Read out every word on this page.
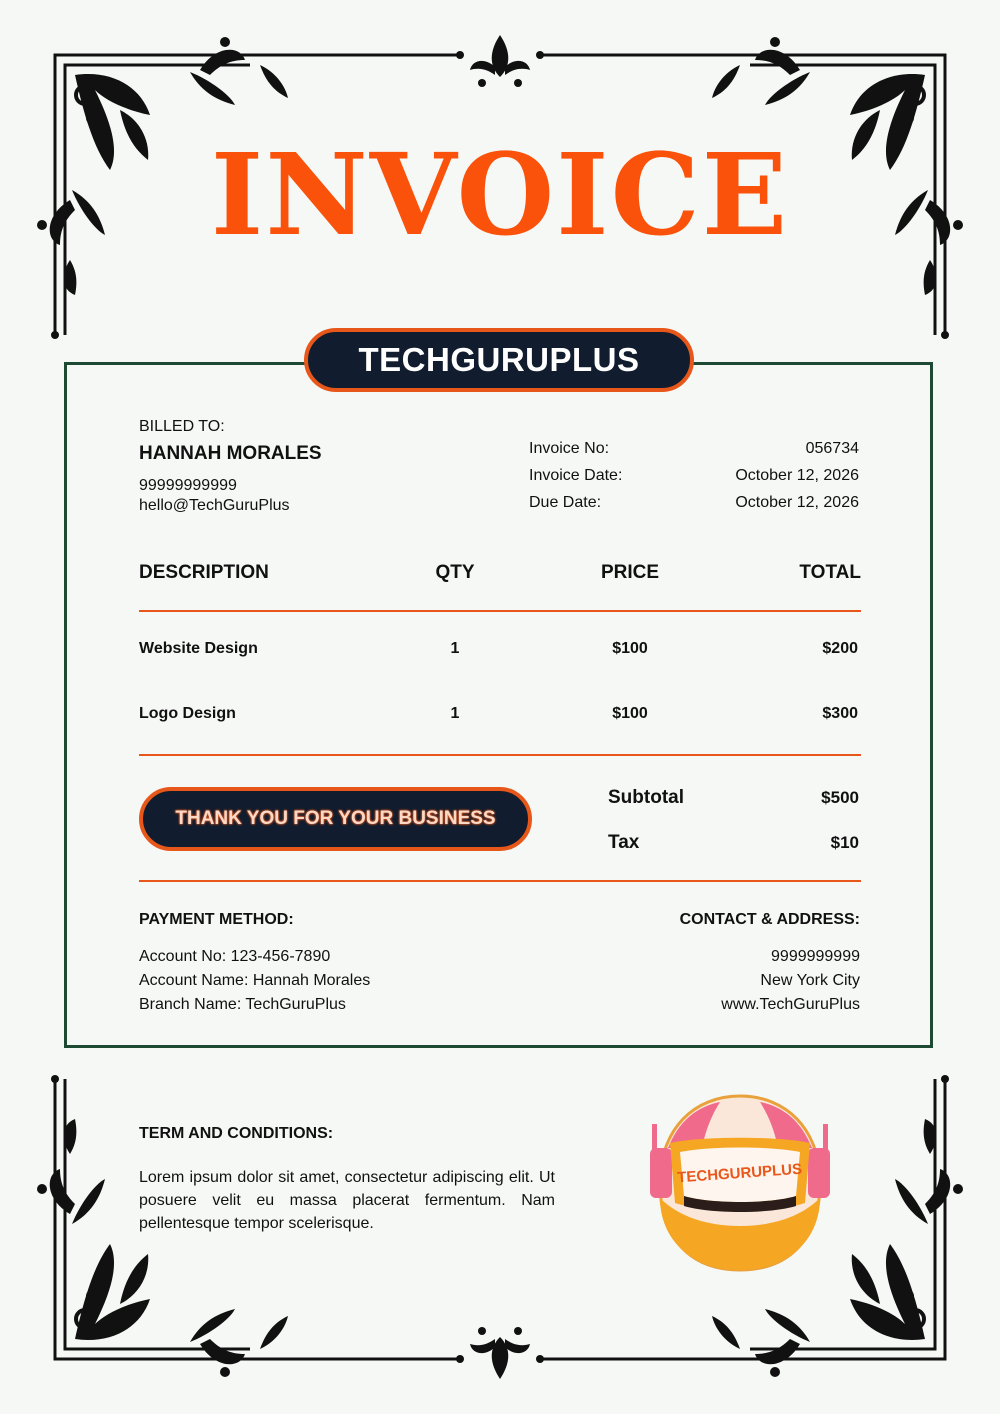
INVOICE
TECHGURUPLUS
BILLED TO:
HANNAH MORALES
99999999999
hello@TechGuruPlus
Invoice No:	056734
Invoice Date:	October 12, 2026
Due Date:	October 12, 2026
DESCRIPTION	QTY	PRICE	TOTAL
Website Design	1	$100	$200
Logo Design	1	$100	$300
THANK YOU FOR YOUR BUSINESS
Subtotal	$500
Tax	$10
PAYMENT METHOD:
Account No: 123-456-7890
Account Name: Hannah Morales
Branch Name: TechGuruPlus
CONTACT & ADDRESS:
9999999999
New York City
www.TechGuruPlus
TERM AND CONDITIONS:
Lorem ipsum dolor sit amet, consectetur adipiscing elit. Ut posuere velit eu massa placerat fermentum. Nam pellentesque tempor scelerisque.
TECHGURUPLUS
